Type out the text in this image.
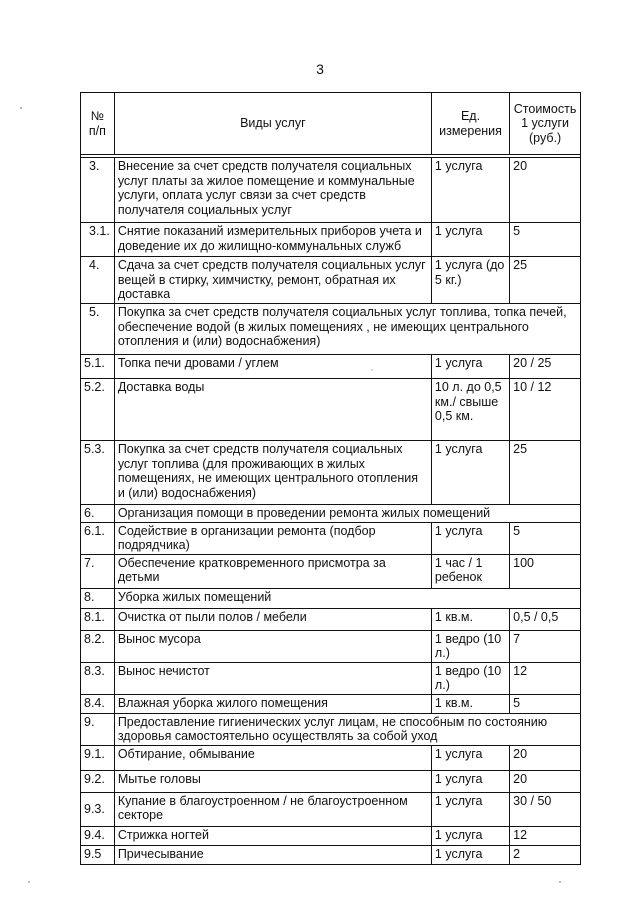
3
№ п/п	Виды услуг	Ед. измерения	Стоимость 1 услуги (руб.)

3.	Внесение за счет средств получателя социальных услуг платы за жилое помещение и коммунальные услуги, оплата услуг связи за счет средств получателя социальных услуг	1 услуга	20
3.1.	Снятие показаний измерительных приборов учета и доведение их до жилищно-коммунальных служб	1 услуга	5
4.	Сдача за счет средств получателя социальных услуг вещей в стирку, химчистку, ремонт, обратная их доставка	1 услуга (до 5 кг.)	25
5.	Покупка за счет средств получателя социальных услуг топлива, топка печей, обеспечение водой (в жилых помещениях , не имеющих центрального отопления и (или) водоснабжения)		
5.1.	Топка печи дровами / углем	1 услуга	20 / 25
5.2.	Доставка воды	10 л. до 0,5 км./ свыше 0,5 км.	10 / 12
5.3.	Покупка за счет средств получателя социальных услуг топлива (для проживающих в жилых помещениях, не имеющих центрального отопления и (или) водоснабжения)	1 услуга	25
6.	Организация помощи в проведении ремонта жилых помещений		
6.1.	Содействие в организации ремонта (подбор подрядчика)	1 услуга	5
7.	Обеспечение кратковременного присмотра за детьми	1 час / 1 ребенок	100
8.	Уборка жилых помещений		
8.1.	Очистка от пыли полов / мебели	1 кв.м.	0,5 / 0,5
8.2.	Вынос мусора	1 ведро (10 л.)	7
8.3.	Вынос нечистот	1 ведро (10 л.)	12
8.4.	Влажная уборка жилого помещения	1 кв.м.	5
9.	Предоставление гигиенических услуг лицам, не способным по состоянию здоровья самостоятельно осуществлять за собой уход		
9.1.	Обтирание, обмывание	1 услуга	20
9.2.	Мытье головы	1 услуга	20
9.3.	Купание в благоустроенном / не благоустроенном секторе	1 услуга	30 / 50
9.4.	Стрижка ногтей	1 услуга	12
9.5	Причесывание	1 услуга	2
